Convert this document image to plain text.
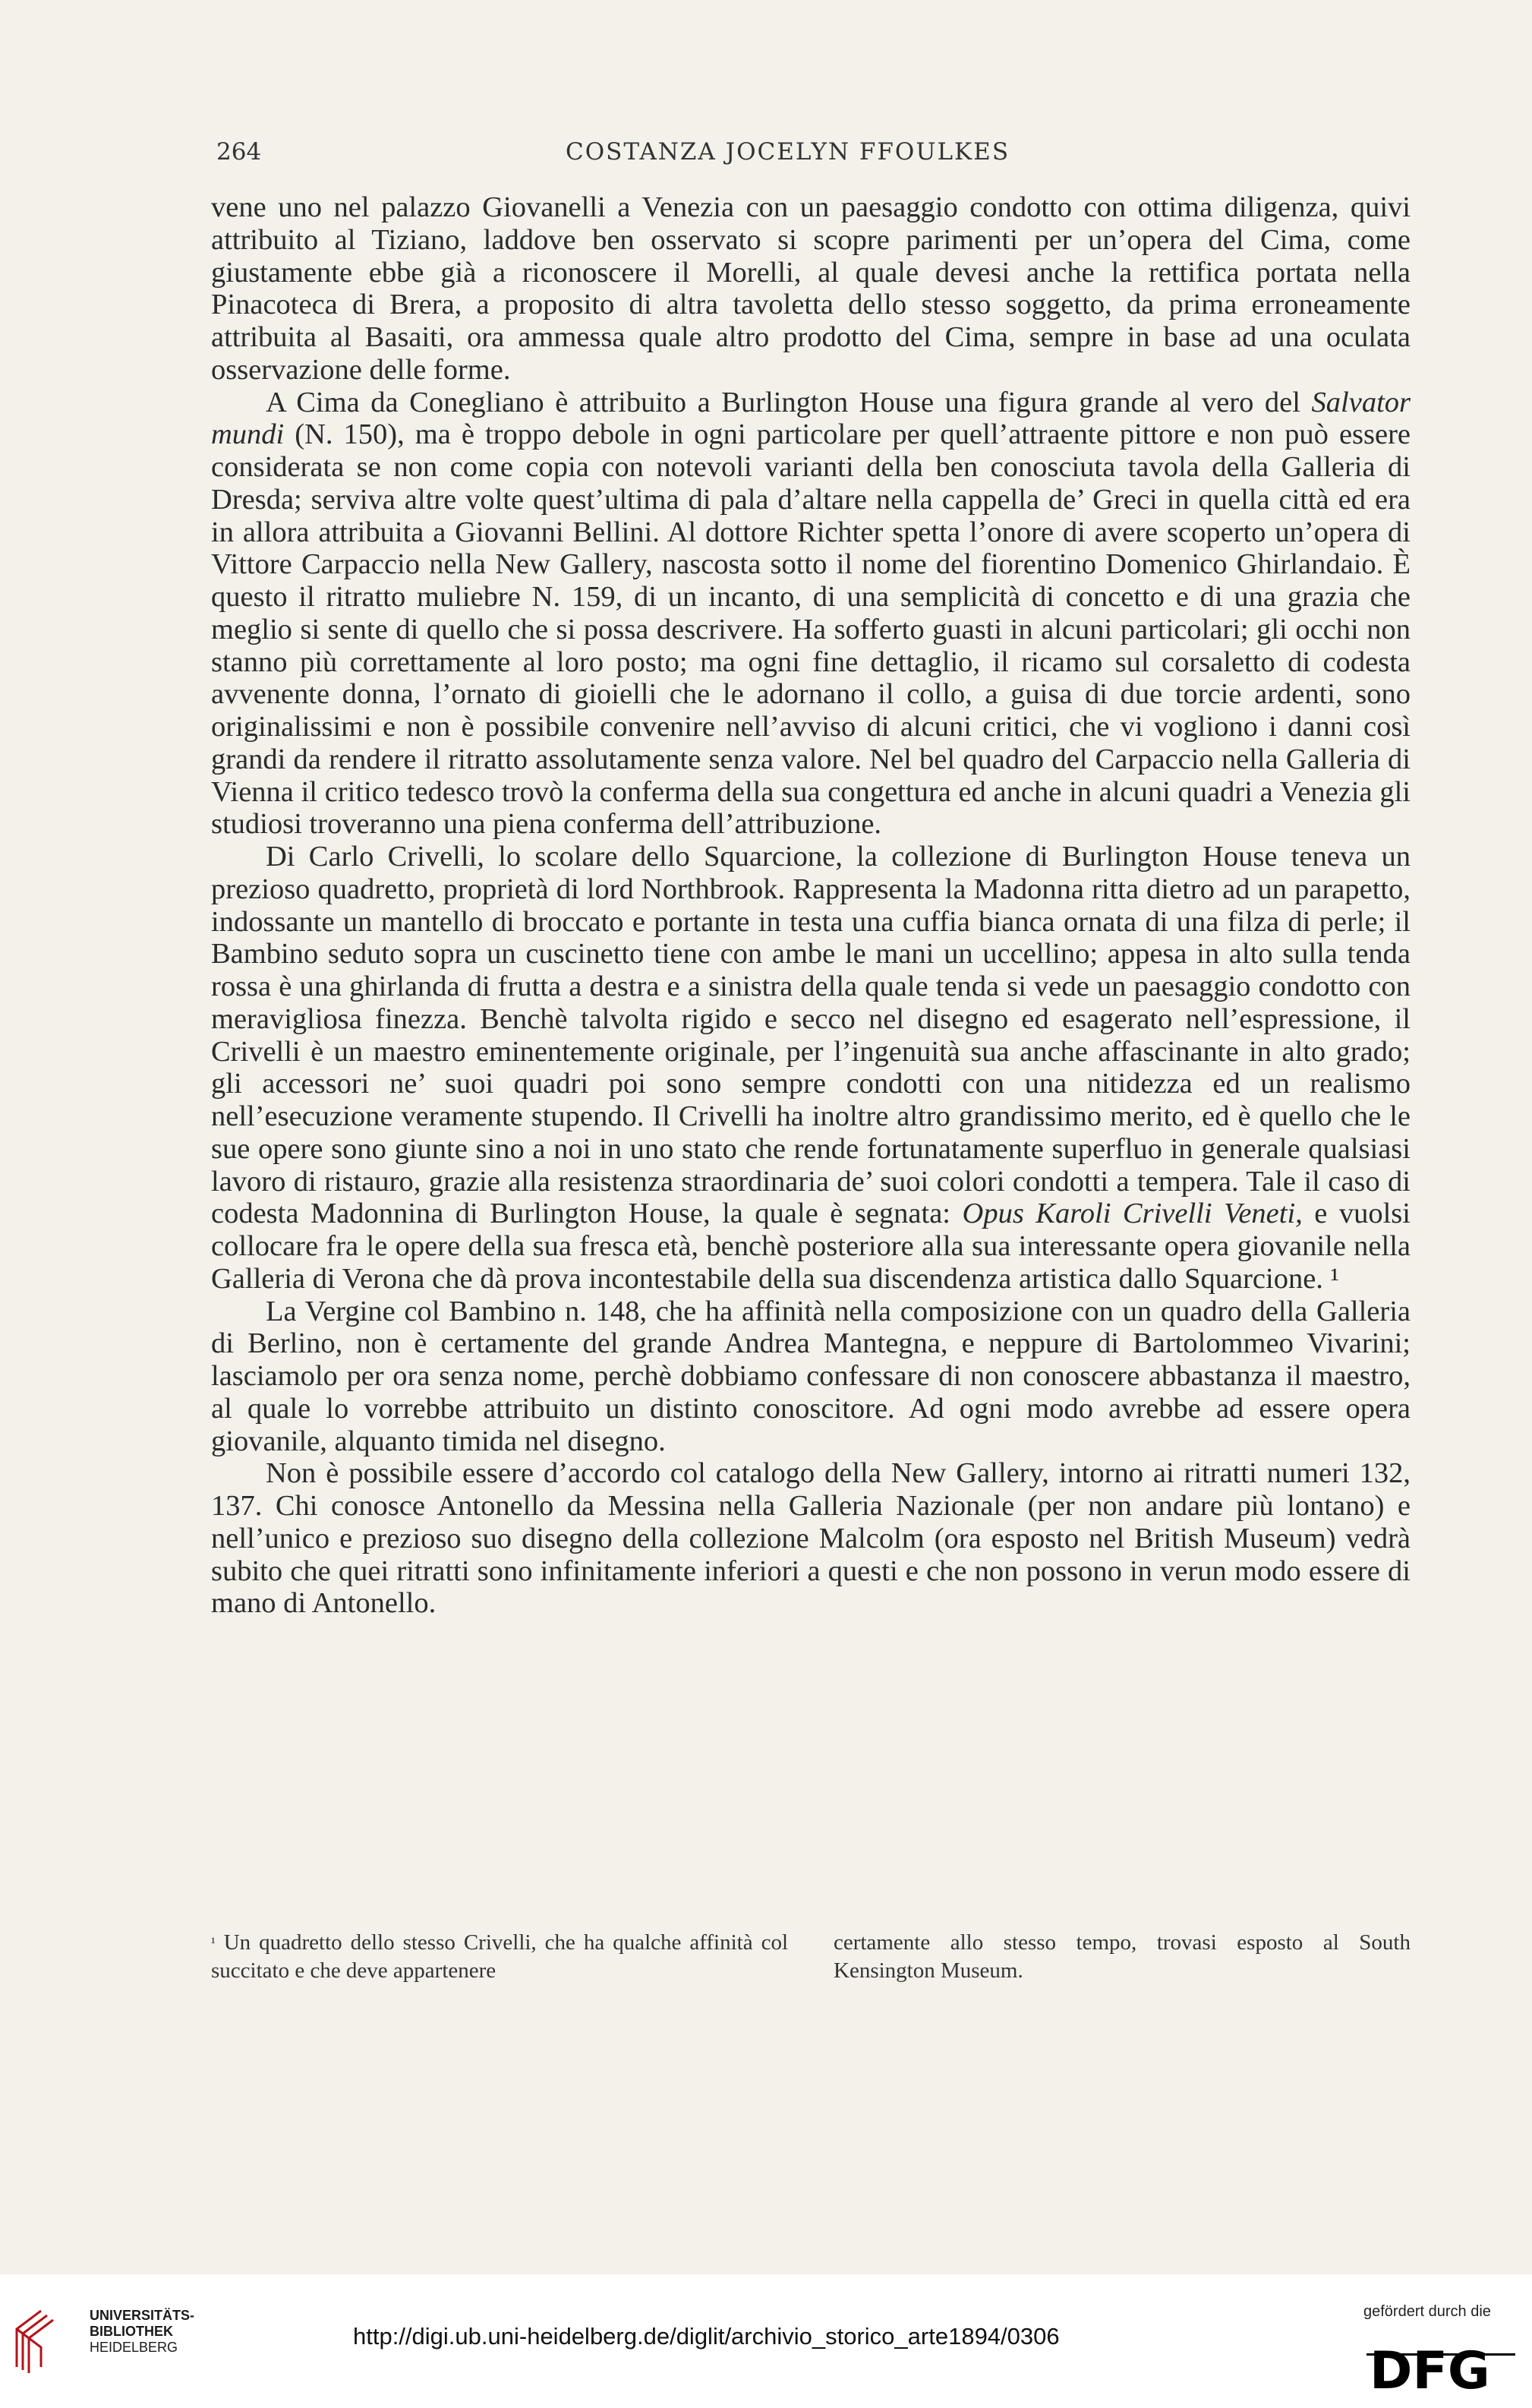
264	COSTANZA JOCELYN FFOULKES

vene uno nel palazzo Giovanelli a Venezia con un paesaggio condotto con ottima diligenza, quivi attribuito al Tiziano, laddove ben osservato si scopre parimenti per un’opera del Cima, come giustamente ebbe già a riconoscere il Morelli, al quale devesi anche la rettifica portata nella Pinacoteca di Brera, a proposito di altra tavoletta dello stesso soggetto, da prima erroneamente attribuita al Basaiti, ora ammessa quale altro prodotto del Cima, sempre in base ad una oculata osservazione delle forme.

A Cima da Conegliano è attribuito a Burlington House una figura grande al vero del Salvator mundi (N. 150), ma è troppo debole in ogni particolare per quell’attraente pittore e non può essere considerata se non come copia con notevoli varianti della ben conosciuta tavola della Galleria di Dresda; serviva altre volte quest’ultima di pala d’altare nella cappella de’ Greci in quella città ed era in allora attribuita a Giovanni Bellini. Al dottore Richter spetta l’onore di avere scoperto un’opera di Vittore Carpaccio nella New Gallery, nascosta sotto il nome del fiorentino Domenico Ghirlandaio. È questo il ritratto muliebre N. 159, di un incanto, di una semplicità di concetto e di una grazia che meglio si sente di quello che si possa descrivere. Ha sofferto guasti in alcuni particolari; gli occhi non stanno più correttamente al loro posto; ma ogni fine dettaglio, il ricamo sul corsaletto di codesta avvenente donna, l’ornato di gioielli che le adornano il collo, a guisa di due torcie ardenti, sono originalissimi e non è possibile convenire nell’avviso di alcuni critici, che vi vogliono i danni così grandi da rendere il ritratto assolutamente senza valore. Nel bel quadro del Carpaccio nella Galleria di Vienna il critico tedesco trovò la conferma della sua congettura ed anche in alcuni quadri a Venezia gli studiosi troveranno una piena conferma dell’attribuzione.

Di Carlo Crivelli, lo scolare dello Squarcione, la collezione di Burlington House teneva un prezioso quadretto, proprietà di lord Northbrook. Rappresenta la Madonna ritta dietro ad un parapetto, indossante un mantello di broccato e portante in testa una cuffia bianca ornata di una filza di perle; il Bambino seduto sopra un cuscinetto tiene con ambe le mani un uccellino; appesa in alto sulla tenda rossa è una ghirlanda di frutta a destra e a sinistra della quale tenda si vede un paesaggio condotto con meravigliosa finezza. Benchè talvolta rigido e secco nel disegno ed esagerato nell’espressione, il Crivelli è un maestro eminentemente originale, per l’ingenuità sua anche affascinante in alto grado; gli accessori ne’ suoi quadri poi sono sempre condotti con una nitidezza ed un realismo nell’esecuzione veramente stupendo. Il Crivelli ha inoltre altro grandissimo merito, ed è quello che le sue opere sono giunte sino a noi in uno stato che rende fortunatamente superfluo in generale qualsiasi lavoro di ristauro, grazie alla resistenza straordinaria de’ suoi colori condotti a tempera. Tale il caso di codesta Madonnina di Burlington House, la quale è segnata: Opus Karoli Crivelli Veneti, e vuolsi collocare fra le opere della sua fresca età, benchè posteriore alla sua interessante opera giovanile nella Galleria di Verona che dà prova incontestabile della sua discendenza artistica dallo Squarcione. ¹

La Vergine col Bambino n. 148, che ha affinità nella composizione con un quadro della Galleria di Berlino, non è certamente del grande Andrea Mantegna, e neppure di Bartolommeo Vivarini; lasciamolo per ora senza nome, perchè dobbiamo confessare di non conoscere abbastanza il maestro, al quale lo vorrebbe attribuito un distinto conoscitore. Ad ogni modo avrebbe ad essere opera giovanile, alquanto timida nel disegno.

Non è possibile essere d’accordo col catalogo della New Gallery, intorno ai ritratti numeri 132, 137. Chi conosce Antonello da Messina nella Galleria Nazionale (per non andare più lontano) e nell’unico e prezioso suo disegno della collezione Malcolm (ora esposto nel British Museum) vedrà subito che quei ritratti sono infinitamente inferiori a questi e che non possono in verun modo essere di mano di Antonello.

$^{^1}$ Un quadretto dello stesso Crivelli, che ha qualche affinità col succitato e che deve appartenere
certamente allo stesso tempo, trovasi esposto al South Kensington Museum.
UNIVERSITÄTS-
BIBLIOTHEK
HEIDELBERG	http://digi.ub.uni-heidelberg.de/diglit/archivio_storico_arte1894/0306
gefördert durch die
DFG
